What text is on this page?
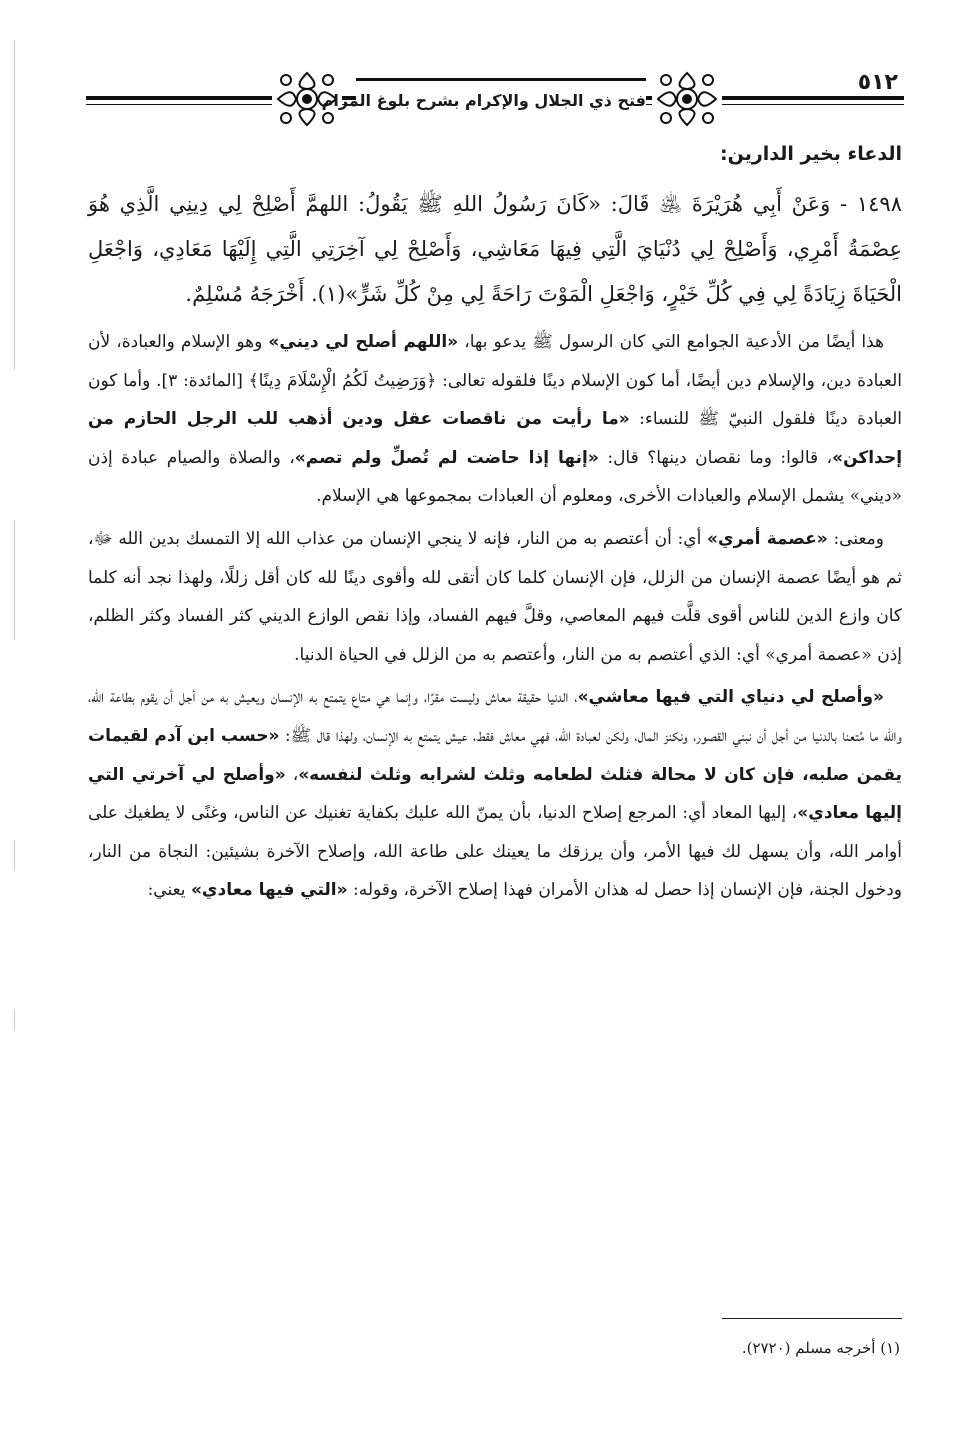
فتح ذي الجلال والإكرام بشرح بلوغ المرام
٥١٢
الدعاء بخير الدارين:

١٤٩٨ - وَعَنْ أَبِي هُرَيْرَةَ ﵁ قَالَ: «كَانَ رَسُولُ اللهِ ﷺ يَقُولُ: اللهمَّ أَصْلِحْ لِي دِينِي الَّذِي هُوَ عِصْمَةُ أَمْرِي، وَأَصْلِحْ لِي دُنْيَايَ الَّتِي فِيهَا مَعَاشِي، وَأَصْلِحْ لِي آخِرَتِي الَّتِي إِلَيْهَا مَعَادِي، وَاجْعَلِ الْحَيَاةَ زِيَادَةً لِي فِي كُلِّ خَيْرٍ، وَاجْعَلِ الْمَوْتَ رَاحَةً لِي مِنْ كُلِّ شَرٍّ»(١). أَخْرَجَهُ مُسْلِمٌ.

هذا أيضًا من الأدعية الجوامع التي كان الرسول ﷺ يدعو بها، «اللهم أصلح لي ديني» وهو الإسلام والعبادة، لأن العبادة دين، والإسلام دين أيضًا، أما كون الإسلام دينًا فلقوله تعالى: ﴿وَرَضِيتُ لَكُمُ الْإِسْلَامَ دِينًا﴾ [المائدة: ٣]. وأما كون العبادة دينًا فلقول النبيّ ﷺ للنساء: «ما رأيت من ناقصات عقل ودين أذهب للب الرجل الحازم من إحداكن»، قالوا: وما نقصان دينها؟ قال: «إنها إذا حاضت لم تُصلِّ ولم تصم»، والصلاة والصيام عبادة إذن «ديني» يشمل الإسلام والعبادات الأخرى، ومعلوم أن العبادات بمجموعها هي الإسلام.

ومعنى: «عصمة أمري» أي: أن أعتصم به من النار، فإنه لا ينجي الإنسان من عذاب الله إلا التمسك بدين الله ﷻ، ثم هو أيضًا عصمة الإنسان من الزلل، فإن الإنسان كلما كان أتقى لله وأقوى دينًا لله كان أقل زللًا، ولهذا نجد أنه كلما كان وازع الدين للناس أقوى قلَّت فيهم المعاصي، وقلَّ فيهم الفساد، وإذا نقص الوازع الديني كثر الفساد وكثر الظلم، إذن «عصمة أمري» أي: الذي أعتصم به من النار، وأعتصم به من الزلل في الحياة الدنيا.

«وأصلح لي دنياي التي فيها معاشي»، الدنيا حقيقة معاش وليست مقرًا، وإنما هي متاع يتمتع به الإنسان ويعيش به من أجل أن يقوم بطاعة الله، والله ما مُتعنا بالدنيا من أجل أن نبني القصور، ونكنز المال، ولكن لعبادة الله، فهي معاش فقط، عيش يتمتع به الإنسان، ولهذا قال ﷺ: «حسب ابن آدم لقيمات يقمن صلبه، فإن كان لا محالة فثلث لطعامه وثلث لشرابه وثلث لنفسه»، «وأصلح لي آخرتي التي إليها معادي»، إليها المعاد أي: المرجع إصلاح الدنيا، بأن يمنّ الله عليك بكفاية تغنيك عن الناس، وغنًى لا يطغيك على أوامر الله، وأن يسهل لك فيها الأمر، وأن يرزقك ما يعينك على طاعة الله، وإصلاح الآخرة بشيئين: النجاة من النار، ودخول الجنة، فإن الإنسان إذا حصل له هذان الأمران فهذا إصلاح الآخرة، وقوله: «التي فيها معادي» يعني:

(١) أخرجه مسلم (٢٧٢٠).
